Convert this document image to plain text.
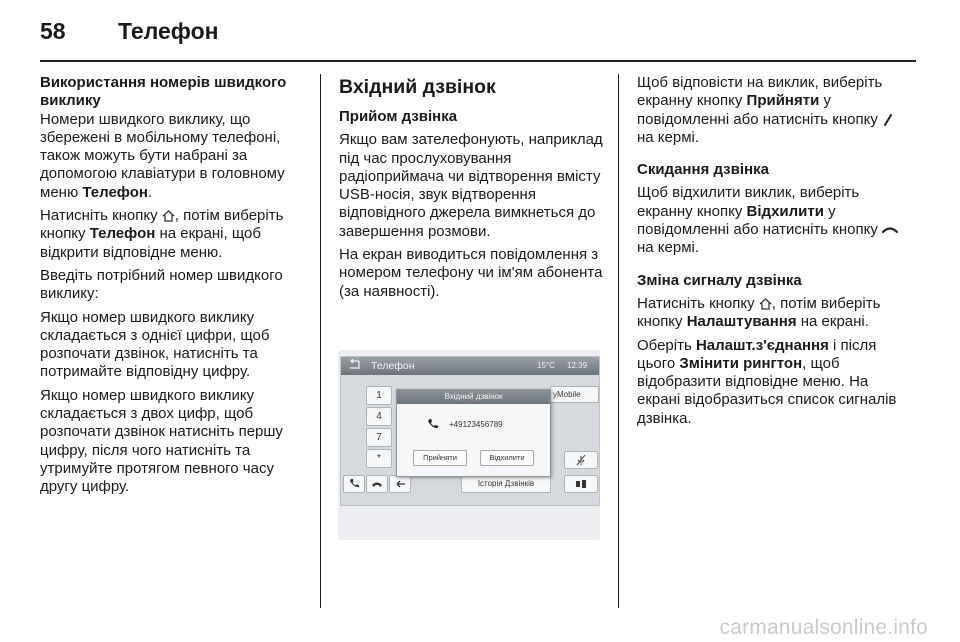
58 Телефон

Використання номерів швидкого виклику

Номери швидкого виклику, що збережені в мобільному телефоні, також можуть бути набрані за допомогою клавіатури в головному меню Телефон.

Натисніть кнопку , потім виберіть кнопку Телефон на екрані, щоб відкрити відповідне меню.

Введіть потрібний номер швидкого виклику:

Якщо номер швидкого виклику складається з однієї цифри, щоб розпочати дзвінок, натисніть та потримайте відповідну цифру.

Якщо номер швидкого виклику складається з двох цифр, щоб розпочати дзвінок натисніть першу цифру, після чого натисніть та утримуйте протягом певного часу другу цифру.

Вхідний дзвінок

Прийом дзвінка

Якщо вам зателефонують, наприклад під час прослуховування радіоприймача чи відтворення вмісту USB-носія, звук відтворення відповідного джерела вимкнеться до завершення розмови.

На екран виводиться повідомлення з номером телефону чи ім'ям абонента (за наявності).

Телефон	15°C 12:39
1
4
7
*
yMobile
Історія Дзвінків
Вхідний дзвінок
+49123456789
Прийняти	Відхилити

Щоб відповісти на виклик, виберіть екранну кнопку Прийняти у повідомленні або натисніть кнопку  на кермі.

Скидання дзвінка

Щоб відхилити виклик, виберіть екранну кнопку Відхилити у повідомленні або натисніть кнопку  на кермі.

Зміна сигналу дзвінка

Натисніть кнопку , потім виберіть кнопку Налаштування на екрані.

Оберіть Налашт.з'єднання і після цього Змінити рингтон, щоб відобразити відповідне меню. На екрані відобразиться список сигналів дзвінка.

carmanualsonline.info
